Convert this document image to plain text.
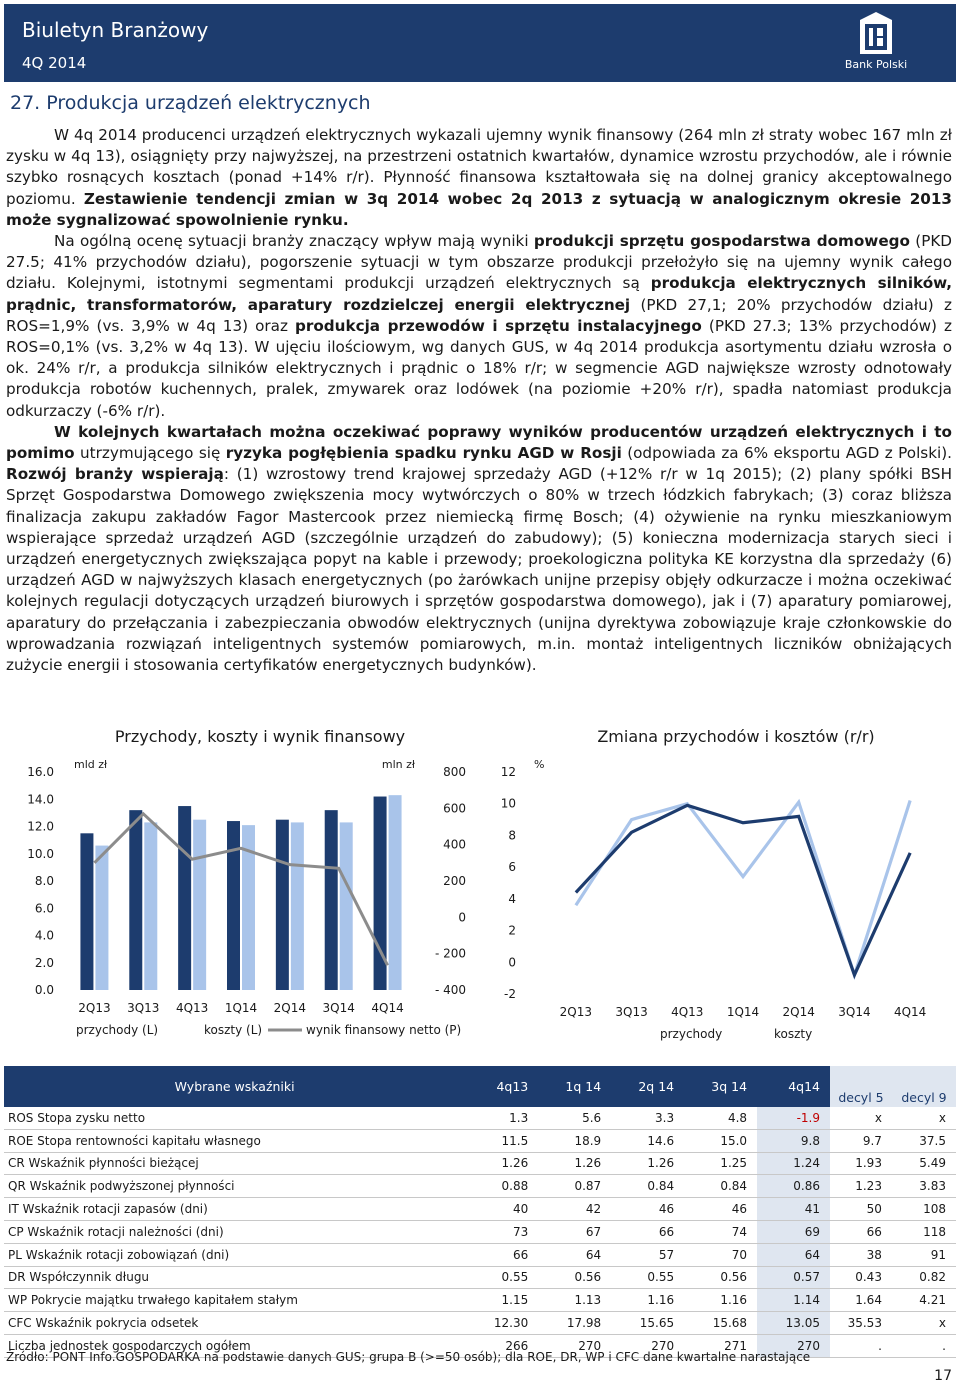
Biuletyn Branżowy
4Q 2014	Bank Polski
27. Produkcja urządzeń elektrycznych

W 4q 2014 producenci urządzeń elektrycznych wykazali ujemny wynik finansowy (264 mln zł straty wobec 167 mln zł zysku w 4q 13), osiągnięty przy najwyższej, na przestrzeni ostatnich kwartałów, dynamice wzrostu przychodów, ale i równie szybko rosnących kosztach (ponad +14% r/r). Płynność finansowa kształtowała się na dolnej granicy akceptowalnego poziomu. Zestawienie tendencji zmian w 3q 2014 wobec 2q 2013 z sytuacją w analogicznym okresie 2013 może sygnalizować spowolnienie rynku.

Na ogólną ocenę sytuacji branży znaczący wpływ mają wyniki produkcji sprzętu gospodarstwa domowego (PKD 27.5; 41% przychodów działu), pogorszenie sytuacji w tym obszarze produkcji przełożyło się na ujemny wynik całego działu. Kolejnymi, istotnymi segmentami produkcji urządzeń elektrycznych są produkcja elektrycznych silników, prądnic, transformatorów, aparatury rozdzielczej energii elektrycznej (PKD 27,1; 20% przychodów działu) z ROS=1,9% (vs. 3,9% w 4q 13) oraz produkcja przewodów i sprzętu instalacyjnego (PKD 27.3; 13% przychodów) z ROS=0,1% (vs. 3,2% w 4q 13). W ujęciu ilościowym, wg danych GUS, w 4q 2014 produkcja asortymentu działu wzrosła o ok. 24% r/r, a produkcja silników elektrycznych i prądnic o 18% r/r; w segmencie AGD największe wzrosty odnotowały produkcja robotów kuchennych, pralek, zmywarek oraz lodówek (na poziomie +20% r/r), spadła natomiast produkcja odkurzaczy (-6% r/r).

W kolejnych kwartałach można oczekiwać poprawy wyników producentów urządzeń elektrycznych i to pomimo utrzymującego się ryzyka pogłębienia spadku rynku AGD w Rosji (odpowiada za 6% eksportu AGD z Polski). Rozwój branży wspierają: (1) wzrostowy trend krajowej sprzedaży AGD (+12% r/r w 1q 2015); (2) plany spółki BSH Sprzęt Gospodarstwa Domowego zwiększenia mocy wytwórczych o 80% w trzech łódzkich fabrykach; (3) coraz bliższa finalizacja zakupu zakładów Fagor Mastercook przez niemiecką firmę Bosch; (4) ożywienie na rynku mieszkaniowym wspierające sprzedaż urządzeń AGD (szczególnie urządzeń do zabudowy); (5) konieczna modernizacja starych sieci i urządzeń energetycznych zwiększająca popyt na kable i przewody; proekologiczna polityka KE korzystna dla sprzedaży (6) urządzeń AGD w najwyższych klasach energetycznych (po żarówkach unijne przepisy objęły odkurzacze i można oczekiwać kolejnych regulacji dotyczących urządzeń biurowych i sprzętów gospodarstwa domowego), jak i (7) aparatury pomiarowej, aparatury do przełączania i zabezpieczania obwodów elektrycznych (unijna dyrektywa zobowiązuje kraje członkowskie do wprowadzania rozwiązań inteligentnych systemów pomiarowych, m.in. montaż inteligentnych liczników obniżających zużycie energii i stosowania certyfikatów energetycznych budynków).

Przychody, koszty i wynik finansowy
mld zł	mln zł
16.0
14.0
12.0
10.0
8.0
6.0
4.0
2.0
0.0
800
600
400
200
0
- 200
- 400
2Q13 3Q13 4Q13 1Q14 2Q14 3Q14 4Q14
przychody (L)	koszty (L)	wynik finansowy netto (P)
Zmiana przychodów i kosztów (r/r)
%
12
10
8
6
4
2
0
-2
2Q13 3Q13 4Q13 1Q14 2Q14 3Q14 4Q14
przychody	koszty
Wybrane wskaźniki	4q13	1q 14	2q 14	3q 14	4q14	decyl 5	decyl 9
ROS Stopa zysku netto	1.3	5.6	3.3	4.8	-1.9	x	x
ROE Stopa rentowności kapitału własnego	11.5	18.9	14.6	15.0	9.8	9.7	37.5
CR Wskaźnik płynności bieżącej	1.26	1.26	1.26	1.25	1.24	1.93	5.49
QR Wskaźnik podwyższonej płynności	0.88	0.87	0.84	0.84	0.86	1.23	3.83
IT Wskaźnik rotacji zapasów (dni)	40	42	46	46	41	50	108
CP Wskaźnik rotacji należności (dni)	73	67	66	74	69	66	118
PL Wskaźnik rotacji zobowiązań (dni)	66	64	57	70	64	38	91
DR Współczynnik długu	0.55	0.56	0.55	0.56	0.57	0.43	0.82
WP Pokrycie majątku trwałego kapitałem stałym	1.15	1.13	1.16	1.16	1.14	1.64	4.21
CFC Wskaźnik pokrycia odsetek	12.30	17.98	15.65	15.68	13.05	35.53	x
Liczba jednostek gospodarczych ogółem	266	270	270	271	270	.	.
Źródło: PONT Info.GOSPODARKA na podstawie danych GUS; grupa B (>=50 osób); dla ROE, DR, WP i CFC dane kwartalne narastające
17
